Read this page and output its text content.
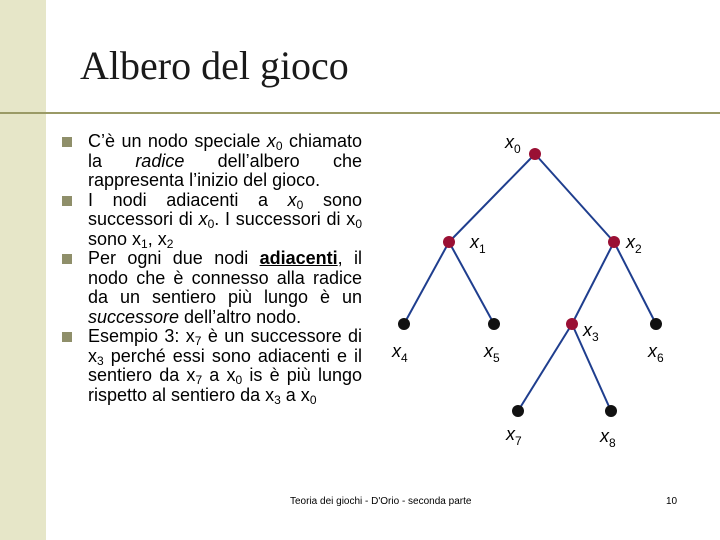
Albero del gioco
C’è un nodo speciale $x_0$ chiamato la radice dell’albero che rappresenta l’inizio del gioco.
I nodi adiacenti a $x_0$ sono successori di $x_0$. I successori di $x_0$ sono $x_1$, $x_2$
Per ogni due nodi adiacenti, il nodo che è connesso alla radice da un sentiero più lungo è un successore dell’altro nodo.
Esempio 3: $x_7$ è un successore di $x_3$ perché essi sono adiacenti e il sentiero da $x_7$ a $x_0$ is è più lungo rispetto al sentiero da $x_3$ a $x_0$
$x_0$
$x_1$	$x_2$
$x_3$
$x_4$	$x_5$	$x_6$
$x_7$	$x_8$
Teoria dei giochi - D'Orio - seconda parte	10
